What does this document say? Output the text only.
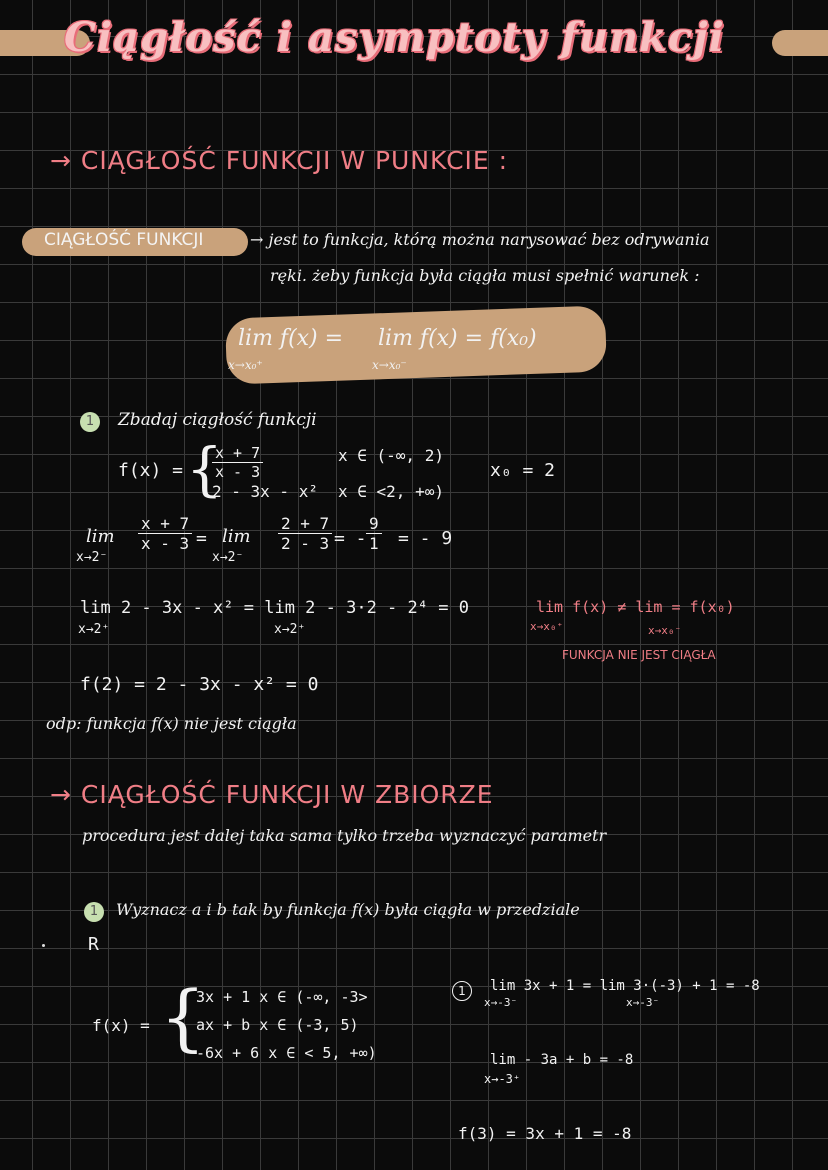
Ciągłość i asymptoty funkcji
→ CIĄGŁOŚĆ FUNKCJI W PUNKCIE :
CIĄGŁOŚĆ FUNKCJI	→ jest to funkcja, którą można narysować bez odrywania
ręki. żeby funkcja była ciągła musi spełnić warunek :
lim f(x) =
x→x₀⁺
lim f(x) = f(x₀)
x→x₀⁻
1	Zbadaj ciągłość funkcji
f(x) = {
$\frac{x + 7}{x - 3}$	x ∈ (-∞, 2)
2 - 3x - x² x ∈ <2, +∞)
x₀ = 2
lim
x→2⁻
$\frac{x + 7}{x - 3} = \lim$
x→2⁻
$\frac{2 + 7}{2 - 3}$ = - $\frac{9}{1}$ = - 9
lim 2 - 3x - x² = lim 2 - 3·2 - 2⁴ = 0
x→2⁺	x→2⁺
lim f(x) ≠ lim = f(x₀)
x→x₀⁺	x→x₀⁻
FUNKCJA NIE JEST CIĄGŁA
f(2) = 2 - 3x - x² = 0
odp: funkcja f(x) nie jest ciągła
→ CIĄGŁOŚĆ FUNKCJI W ZBIORZE
procedura jest dalej taka sama tylko trzeba wyznaczyć parametr
1	Wyznacz a i b tak by funkcja f(x) była ciągła w przedziale
R
f(x) = {
3x + 1 x ∈ (-∞, -3>
ax + b x ∈ (-3, 5)
-6x + 6 x ∈ < 5, +∞)
1	lim 3x + 1 = lim 3·(-3) + 1 = -8
x→-3⁻	x→-3⁻
lim - 3a + b = -8
x→-3⁺
f(3) = 3x + 1 = -8
